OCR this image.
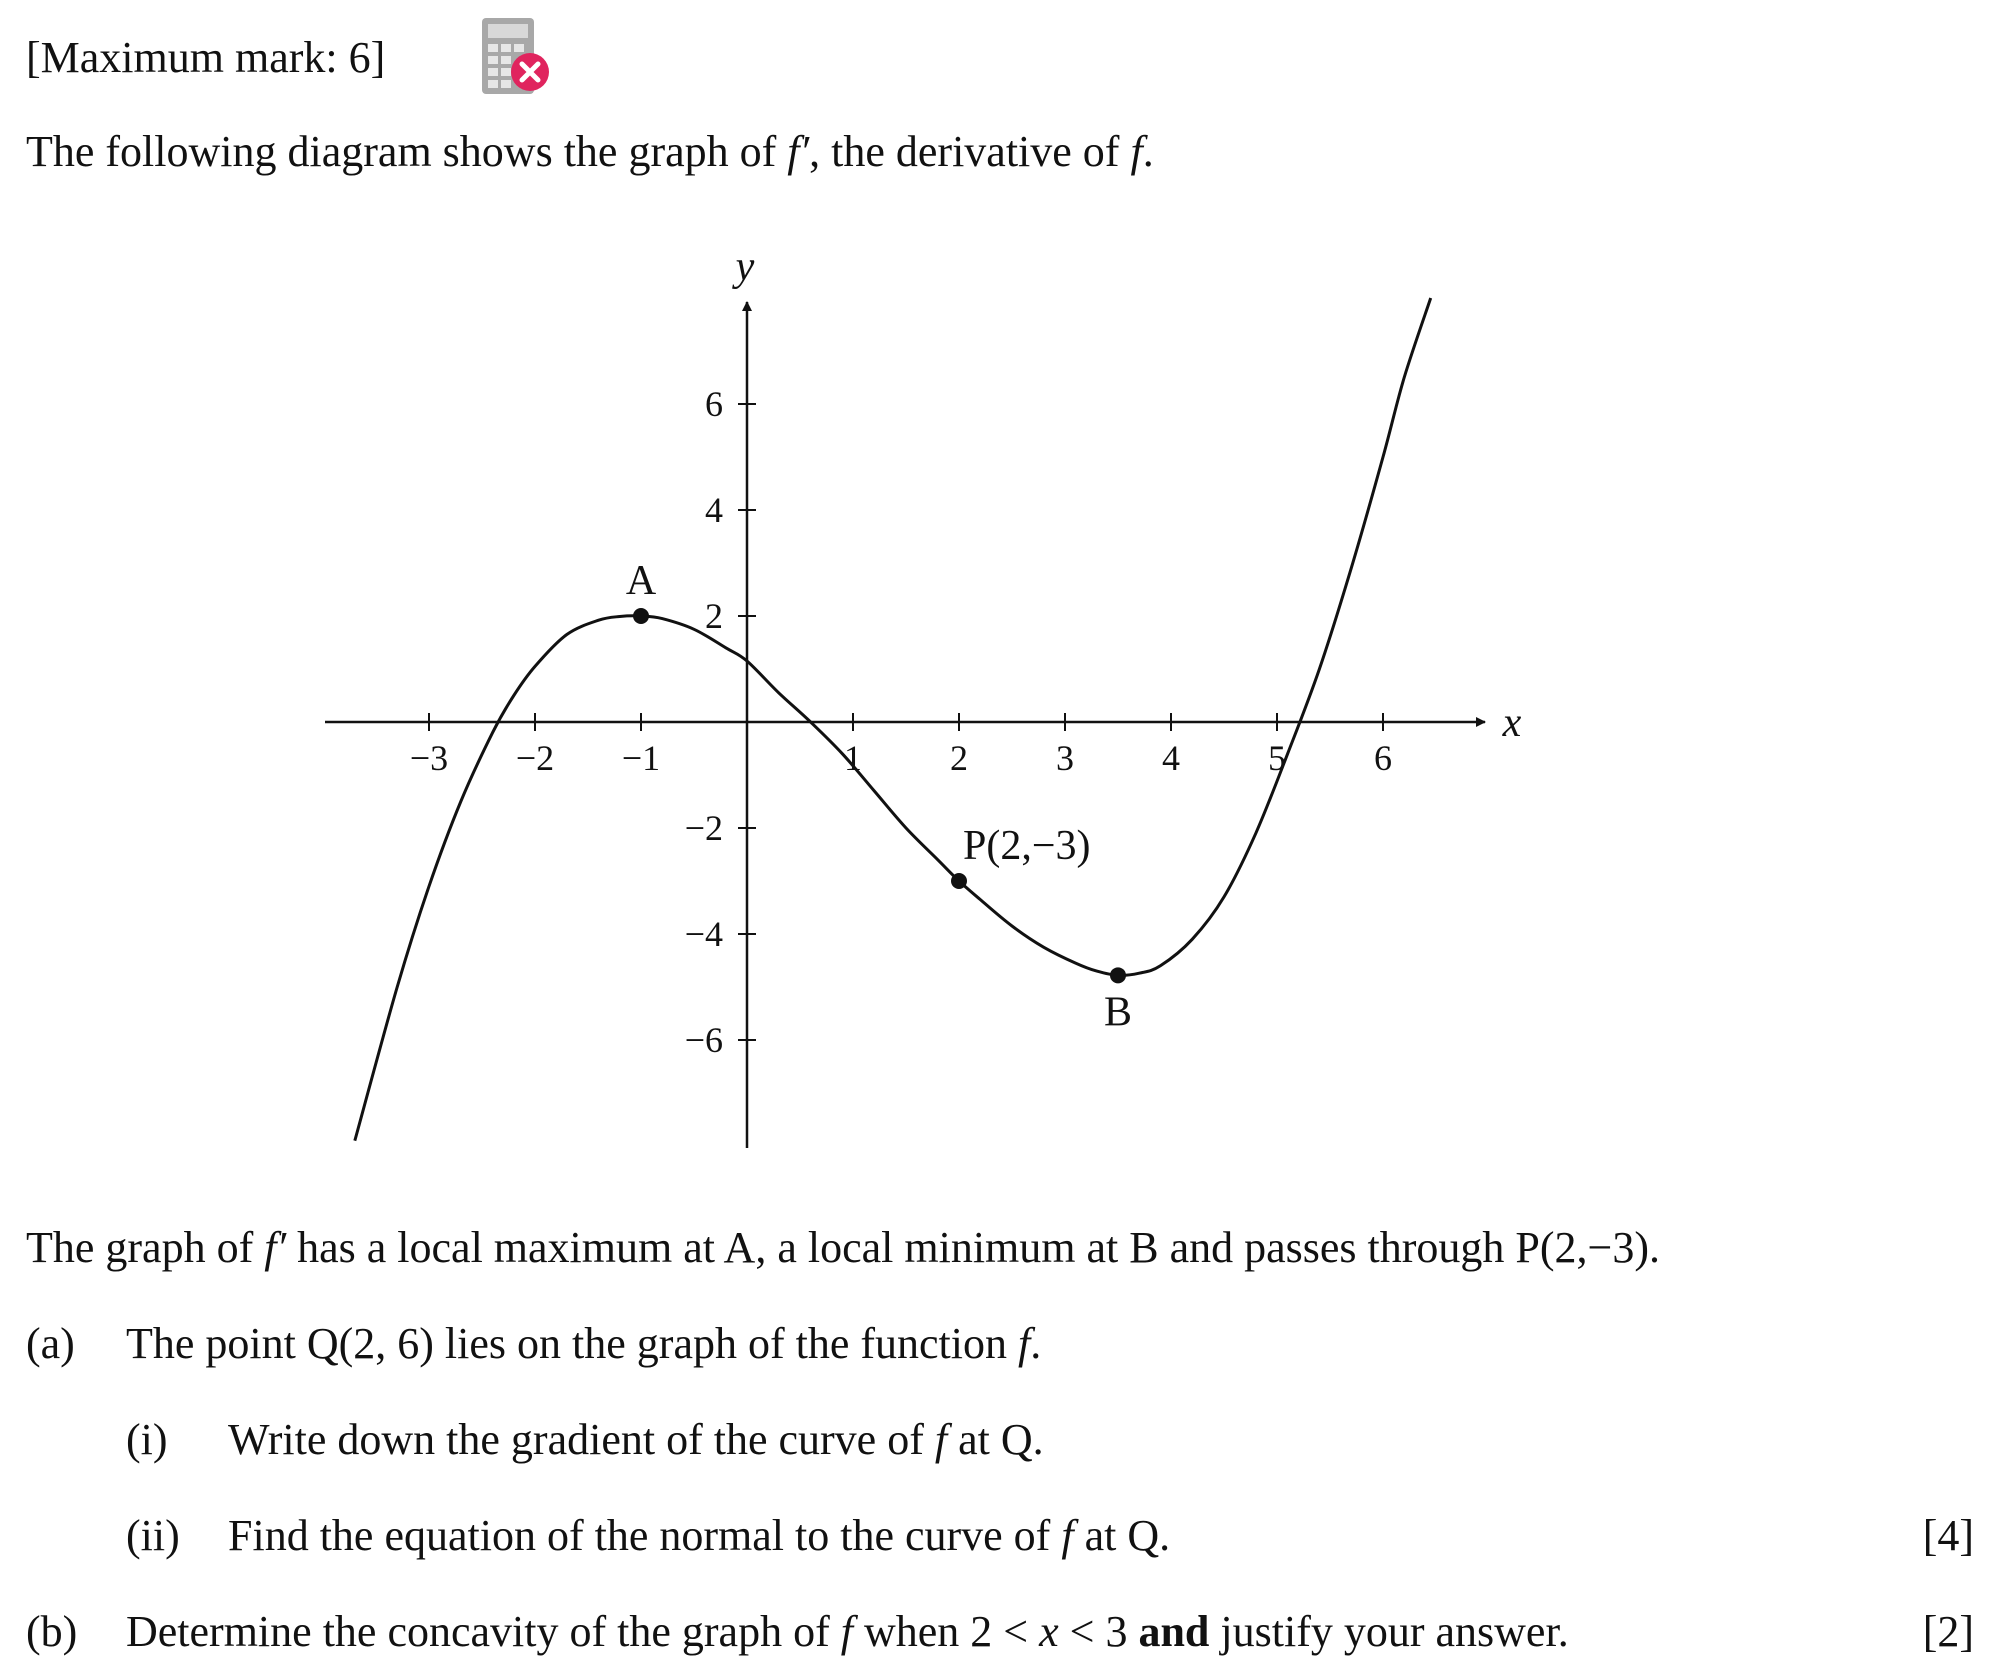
[Maximum mark: 6]
The following diagram shows the graph of f′, the derivative of f.
x
y
−3 −2 −1	1 2 3 4 5 6
6
4
2
−2
−4
−6
A
P(2,−3)
B
The graph of f′ has a local maximum at A, a local minimum at B and passes through P(2,−3).
(a) The point Q(2, 6) lies on the graph of the function f.
(i) Write down the gradient of the curve of f at Q.
(ii) Find the equation of the normal to the curve of f at Q.	[4]
(b) Determine the concavity of the graph of f when 2 < x < 3 and justify your answer.	[2]
